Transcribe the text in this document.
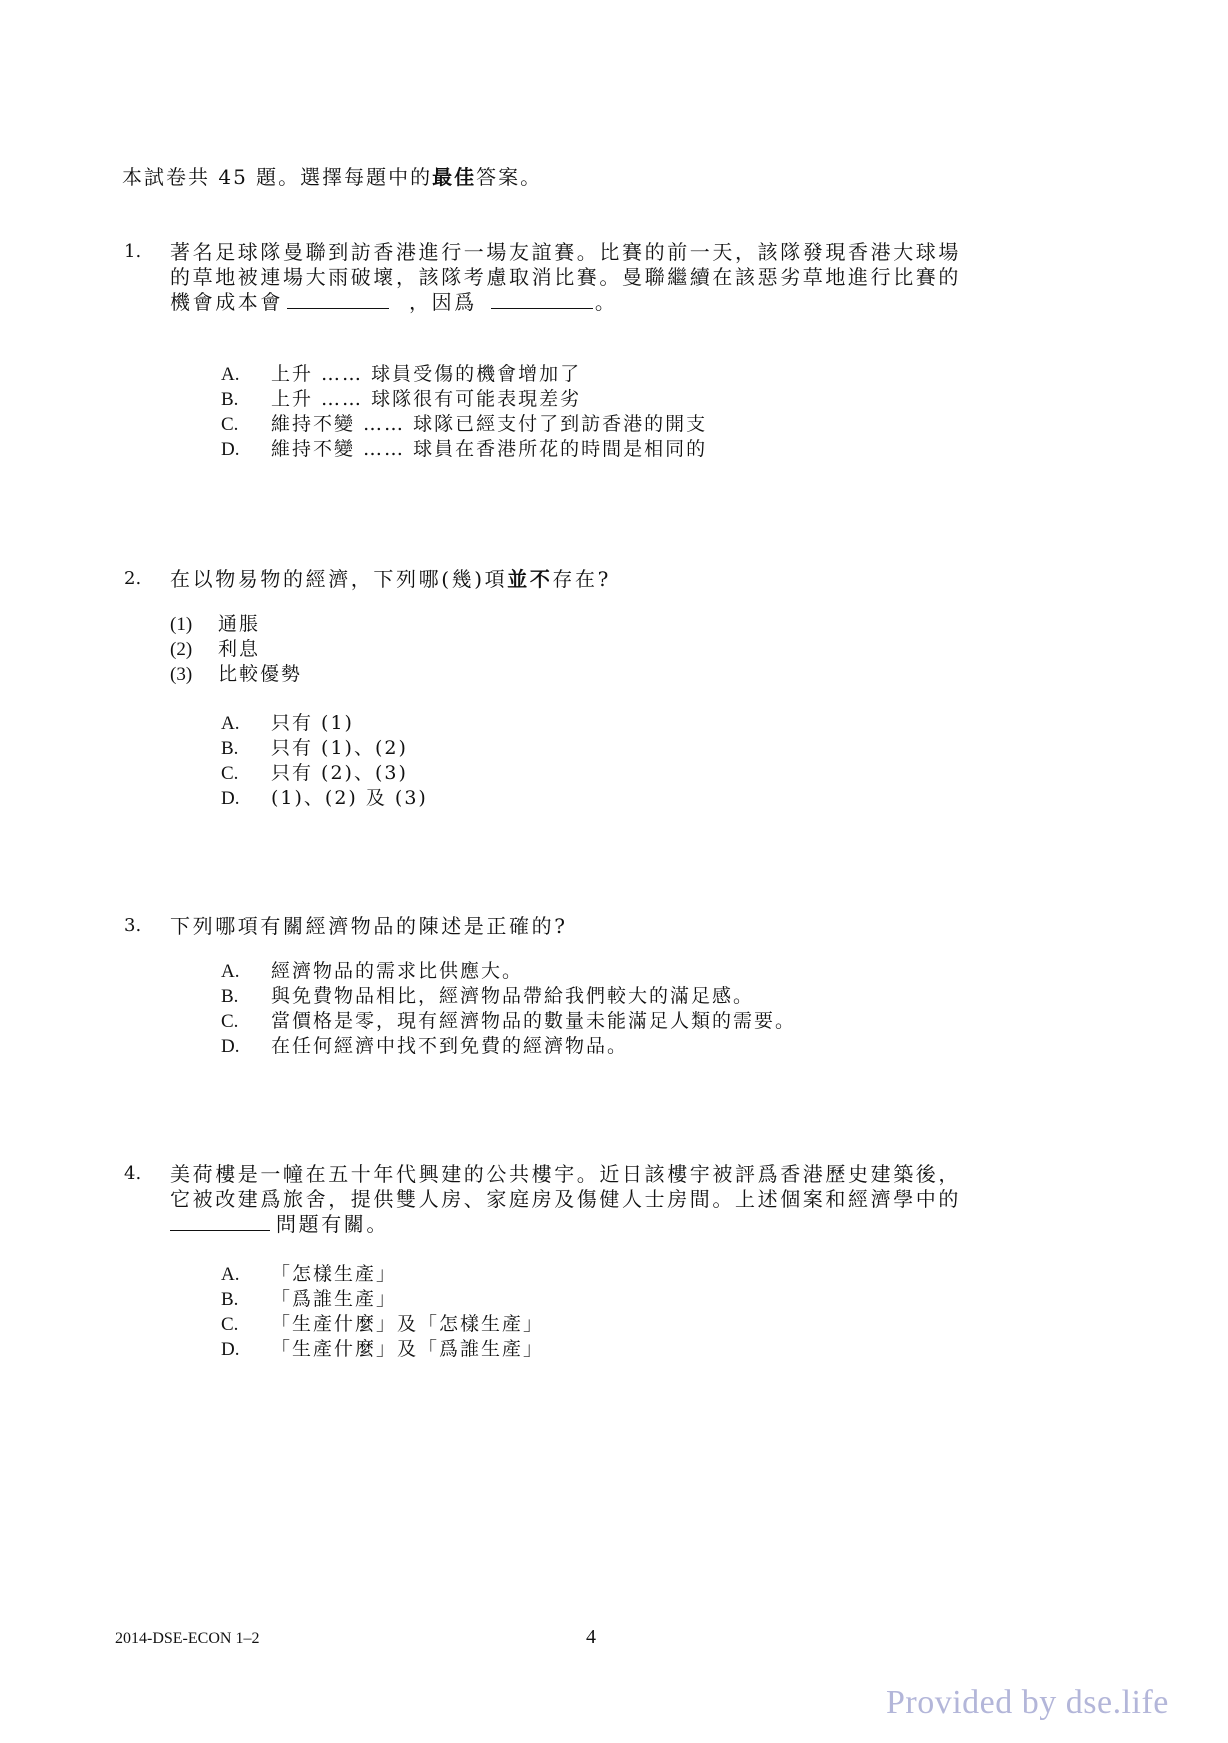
本試卷共 45 題。選擇每題中的最佳答案。
1. 著名足球隊曼聯到訪香港進行一場友誼賽。比賽的前一天，該隊發現香港大球場
的草地被連場大雨破壞，該隊考慮取消比賽。曼聯繼續在該惡劣草地進行比賽的
機會成本會	，因爲	。
A. 上升 …… 球員受傷的機會增加了
B. 上升 …… 球隊很有可能表現差劣
C. 維持不變 …… 球隊已經支付了到訪香港的開支
D. 維持不變 …… 球員在香港所花的時間是相同的
2. 在以物易物的經濟，下列哪(幾)項並不存在?
(1) 通脹
(2) 利息
(3) 比較優勢
A. 只有 (1)
B. 只有 (1)、(2)
C. 只有 (2)、(3)
D. (1)、(2) 及 (3)
3. 下列哪項有關經濟物品的陳述是正確的?
A. 經濟物品的需求比供應大。
B. 與免費物品相比，經濟物品帶給我們較大的滿足感。
C. 當價格是零，現有經濟物品的數量未能滿足人類的需要。
D. 在任何經濟中找不到免費的經濟物品。
4. 美荷樓是一幢在五十年代興建的公共樓宇。近日該樓宇被評爲香港歷史建築後，
它被改建爲旅舍，提供雙人房、家庭房及傷健人士房間。上述個案和經濟學中的
問題有關。
A. 「怎樣生產」
B. 「爲誰生產」
C. 「生產什麼」及「怎樣生產」
D. 「生產什麼」及「爲誰生產」
2014-DSE-ECON 1–2	4
Provided by dse.life
